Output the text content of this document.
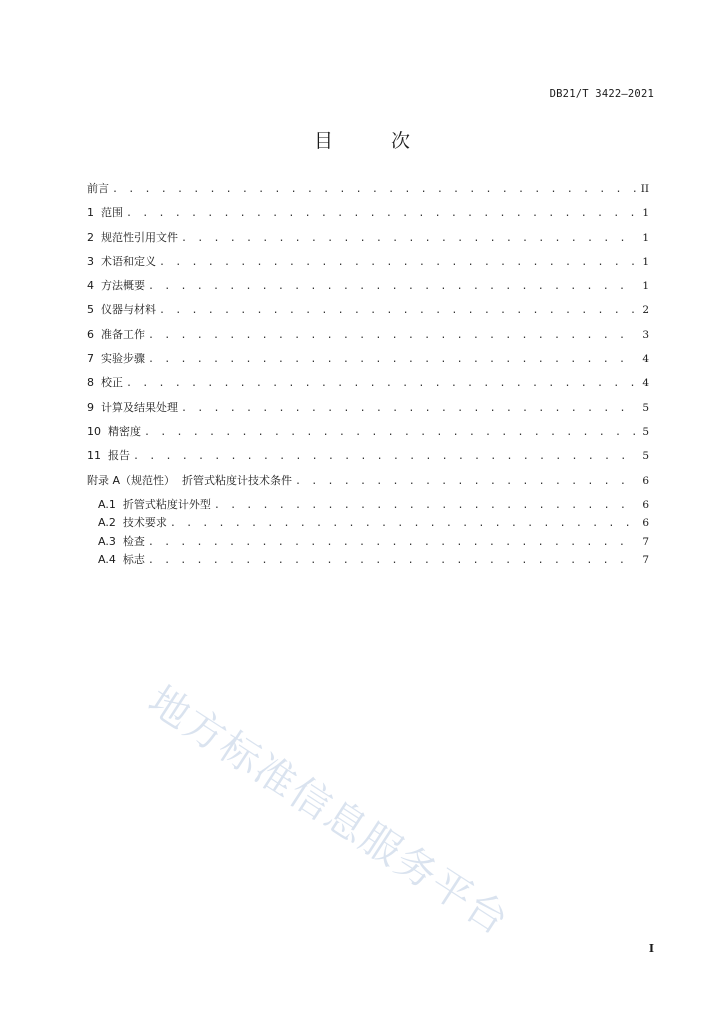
DB21/T 3422—2021
目 次
前言 . . .	II
1  范围 . . .	1
2  规范性引用文件 . . .	1
3  术语和定义 . . .	1
4  方法概要 . . .	1
5  仪器与材料 . . .	2
6  准备工作 . . .	3
7  实验步骤 . . .	4
8  校正 . . .	4
9  计算及结果处理 . . .	5
10  精密度 . . .	5
11  报告 . . .	5
附录 A（规范性）  折管式粘度计技术条件 . . .	6
A.1  折管式粘度计外型 . . .	6
A.2  技术要求 . . .	6
A.3  检查 . . .	7
A.4  标志 . . .	7
地方标准信息服务平台
I
